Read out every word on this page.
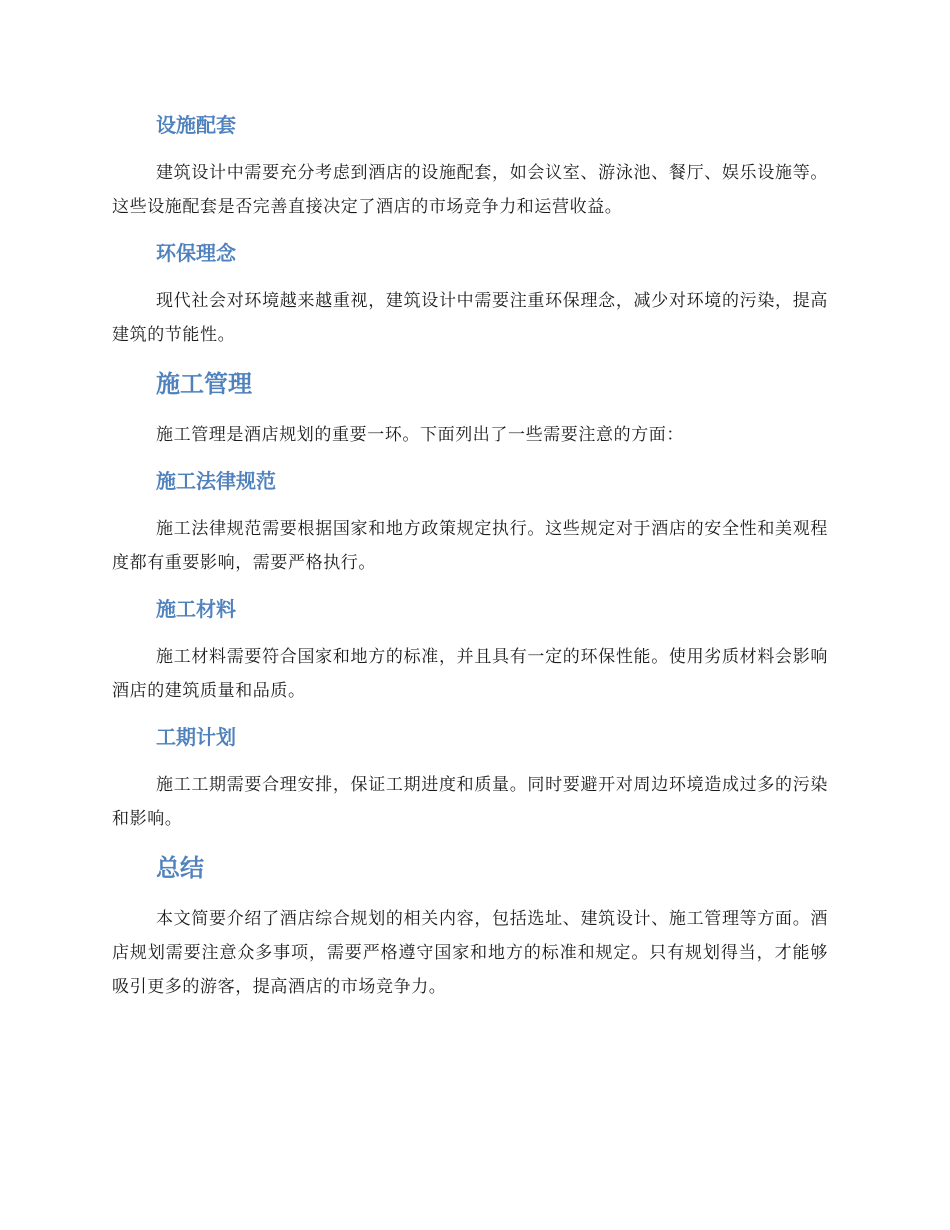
设施配套

建筑设计中需要充分考虑到酒店的设施配套，如会议室、游泳池、餐厅、娱乐设施等。这些设施配套是否完善直接决定了酒店的市场竞争力和运营收益。

环保理念

现代社会对环境越来越重视，建筑设计中需要注重环保理念，减少对环境的污染，提高建筑的节能性。

施工管理

施工管理是酒店规划的重要一环。下面列出了一些需要注意的方面：

施工法律规范

施工法律规范需要根据国家和地方政策规定执行。这些规定对于酒店的安全性和美观程度都有重要影响，需要严格执行。

施工材料

施工材料需要符合国家和地方的标准，并且具有一定的环保性能。使用劣质材料会影响酒店的建筑质量和品质。

工期计划

施工工期需要合理安排，保证工期进度和质量。同时要避开对周边环境造成过多的污染和影响。

总结

本文简要介绍了酒店综合规划的相关内容，包括选址、建筑设计、施工管理等方面。酒店规划需要注意众多事项，需要严格遵守国家和地方的标准和规定。只有规划得当，才能够吸引更多的游客，提高酒店的市场竞争力。
